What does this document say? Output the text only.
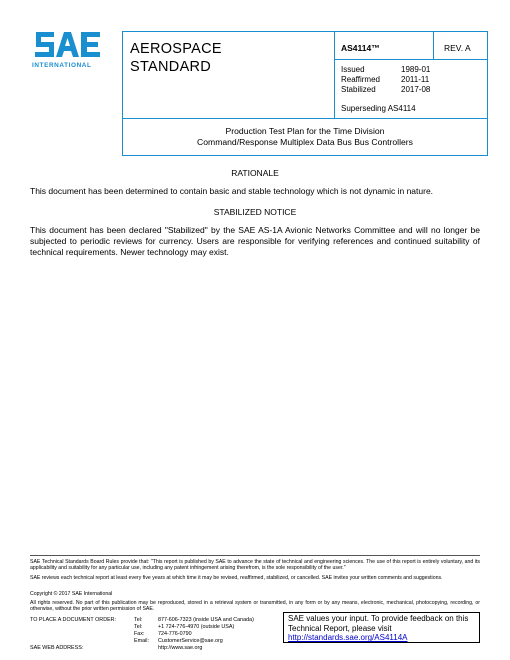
INTERNATIONAL
AEROSPACE
STANDARD
AS4114™	REV. A
Issued	1989-01
Reaffirmed	2011-11
Stabilized	2017-08
Superseding AS4114
Production Test Plan for the Time Division
Command/Response Multiplex Data Bus Bus Controllers
RATIONALE
This document has been determined to contain basic and stable technology which is not dynamic in nature.
STABILIZED NOTICE
This document has been declared "Stabilized" by the SAE AS-1A Avionic Networks Committee and will no longer be subjected to periodic reviews for currency. Users are responsible for verifying references and continued suitability of technical requirements. Newer technology may exist.
SAE Technical Standards Board Rules provide that: "This report is published by SAE to advance the state of technical and engineering sciences. The use of this report is entirely voluntary, and its applicability and suitability for any particular use, including any patent infringement arising therefrom, is the sole responsibility of the user."
SAE reviews each technical report at least every five years at which time it may be revised, reaffirmed, stabilized, or cancelled. SAE invites your written comments and suggestions.
Copyright © 2017 SAE International
All rights reserved. No part of this publication may be reproduced, stored in a retrieval system or transmitted, in any form or by any means, electronic, mechanical, photocopying, recording, or otherwise, without the prior written permission of SAE.
TO PLACE A DOCUMENT ORDER:	Tel:	877-606-7323 (inside USA and Canada)
Tel:	+1 724-776-4970 (outside USA)
Fax:	724-776-0790
Email: CustomerService@sae.org
SAE WEB ADDRESS:	http://www.sae.org
SAE values your input. To provide feedback on this
Technical Report, please visit
http://standards.sae.org/AS4114A
